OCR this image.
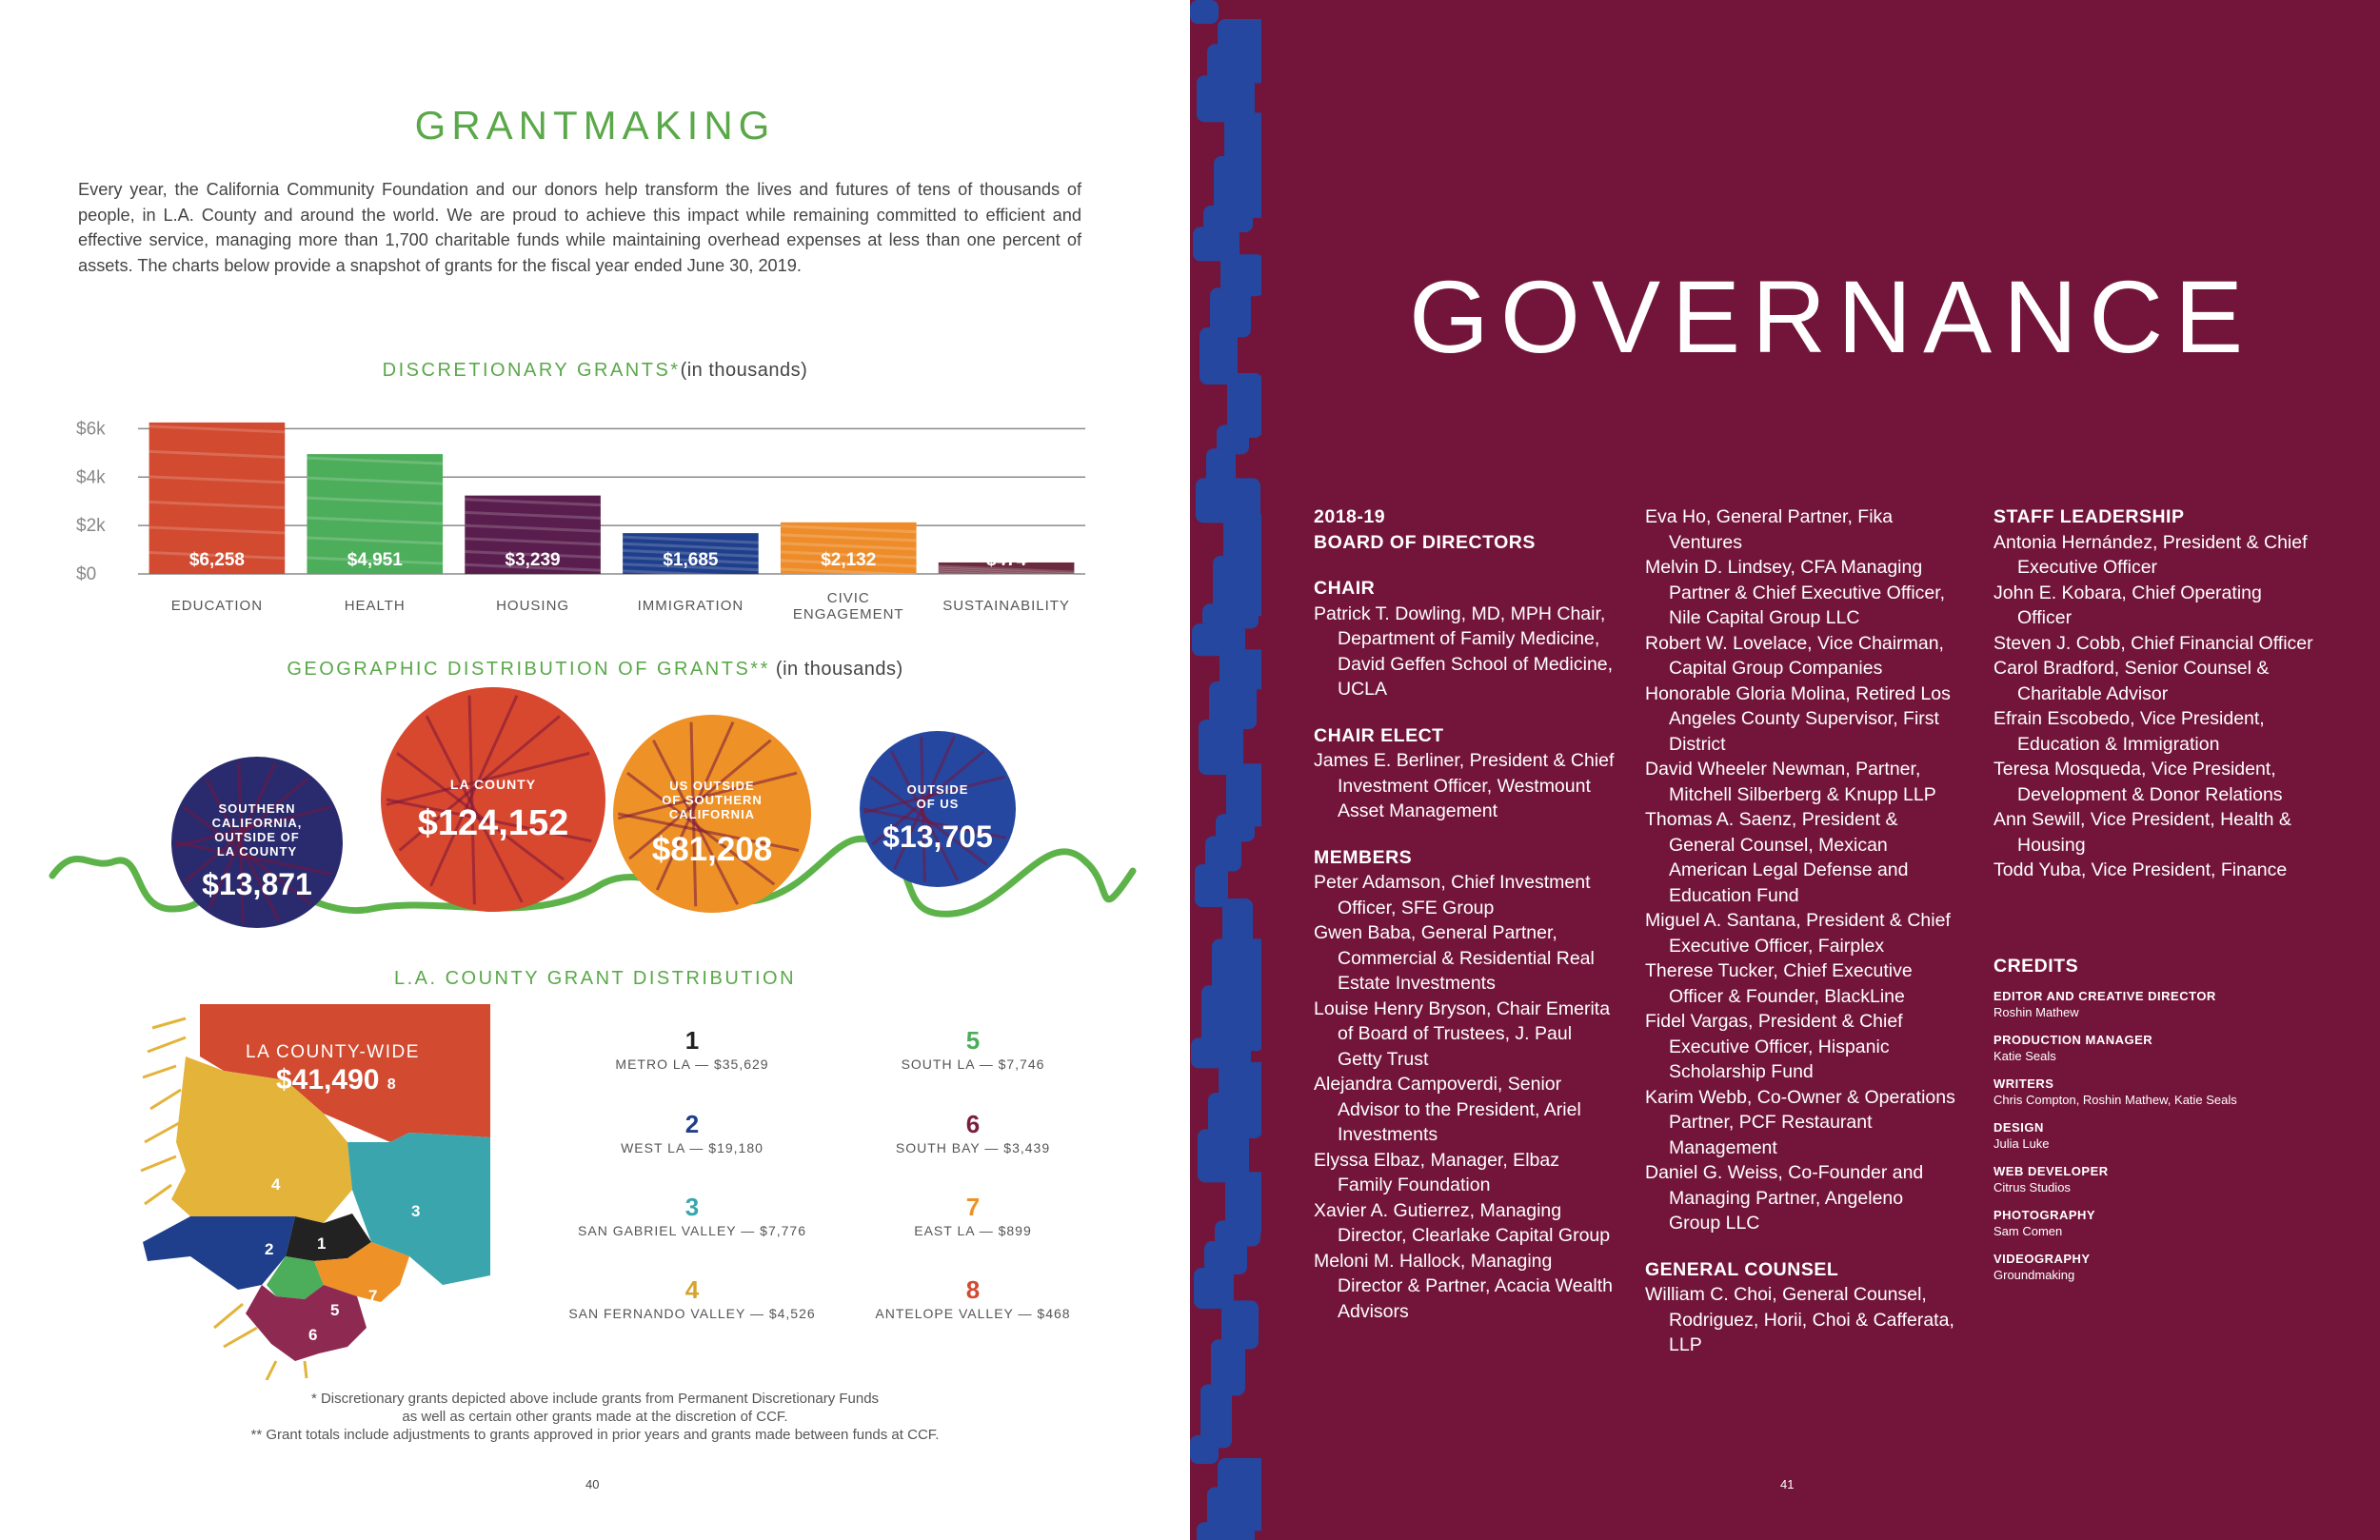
GRANTMAKING
Every year, the California Community Foundation and our donors help transform the lives and futures of tens of thousands of people, in L.A. County and around the world. We are proud to achieve this impact while remaining committed to efficient and effective service, managing more than 1,700 charitable funds while maintaining overhead expenses at less than one percent of assets. The charts below provide a snapshot of grants for the fiscal year ended June 30, 2019.
DISCRETIONARY GRANTS*(in thousands)
$0
$2k
$4k
$6k
$6,258
EDUCATION
$4,951
HEALTH
$3,239
HOUSING
$1,685
IMMIGRATION
$2,132
CIVIC
ENGAGEMENT
$474
SUSTAINABILITY
GEOGRAPHIC DISTRIBUTION OF GRANTS** (in thousands)
SOUTHERN
CALIFORNIA,
OUTSIDE OF
LA COUNTY
$13,871
LA COUNTY
$124,152
US OUTSIDE
OF SOUTHERN
CALIFORNIA
$81,208
OUTSIDE
OF US
$13,705
L.A. COUNTY GRANT DISTRIBUTION
1
2
3
4
5
6
7
LA COUNTY-WIDE
$41,490 8
1
METRO LA — $35,629
5
SOUTH LA — $7,746
2
WEST LA — $19,180
6
SOUTH BAY — $3,439
3
SAN GABRIEL VALLEY — $7,776
7
EAST LA — $899
4
SAN FERNANDO VALLEY — $4,526
8
ANTELOPE VALLEY — $468
* Discretionary grants depicted above include grants from Permanent Discretionary Funds
as well as certain other grants made at the discretion of CCF.
** Grant totals include adjustments to grants approved in prior years and grants made between funds at CCF.
40
GOVERNANCE
2018-19
BOARD OF DIRECTORS
CHAIR
Patrick T. Dowling, MD, MPH Chair, Department of Family Medicine, David Geffen School of Medicine, UCLA
CHAIR ELECT
James E. Berliner, President & Chief Investment Officer, Westmount Asset Management
MEMBERS
Peter Adamson, Chief Investment Officer, SFE Group
Gwen Baba, General Partner, Commercial & Residential Real Estate Investments
Louise Henry Bryson, Chair Emerita of Board of Trustees, J. Paul Getty Trust
Alejandra Campoverdi, Senior Advisor to the President, Ariel Investments
Elyssa Elbaz, Manager, Elbaz Family Foundation
Xavier A. Gutierrez, Managing Director, Clearlake Capital Group
Meloni M. Hallock, Managing Director & Partner, Acacia Wealth Advisors
Eva Ho, General Partner, Fika Ventures
Melvin D. Lindsey, CFA Managing Partner & Chief Executive Officer, Nile Capital Group LLC
Robert W. Lovelace, Vice Chairman, Capital Group Companies
Honorable Gloria Molina, Retired Los Angeles County Supervisor, First District
David Wheeler Newman, Partner, Mitchell Silberberg & Knupp LLP
Thomas A. Saenz, President & General Counsel, Mexican American Legal Defense and Education Fund
Miguel A. Santana, President & Chief Executive Officer, Fairplex
Therese Tucker, Chief Executive Officer & Founder, BlackLine
Fidel Vargas, President & Chief Executive Officer, Hispanic Scholarship Fund
Karim Webb, Co-Owner & Operations Partner, PCF Restaurant Management
Daniel G. Weiss, Co-Founder and Managing Partner, Angeleno Group LLC
GENERAL COUNSEL
William C. Choi, General Counsel, Rodriguez, Horii, Choi & Cafferata, LLP
STAFF LEADERSHIP
Antonia Hernández, President & Chief Executive Officer
John E. Kobara, Chief Operating Officer
Steven J. Cobb, Chief Financial Officer
Carol Bradford, Senior Counsel & Charitable Advisor
Efrain Escobedo, Vice President, Education & Immigration
Teresa Mosqueda, Vice President, Development & Donor Relations
Ann Sewill, Vice President, Health & Housing
Todd Yuba, Vice President, Finance
CREDITS
EDITOR AND CREATIVE DIRECTOR
Roshin Mathew
PRODUCTION MANAGER
Katie Seals
WRITERS
Chris Compton, Roshin Mathew, Katie Seals
DESIGN
Julia Luke
WEB DEVELOPER
Citrus Studios
PHOTOGRAPHY
Sam Comen
VIDEOGRAPHY
Groundmaking
41
